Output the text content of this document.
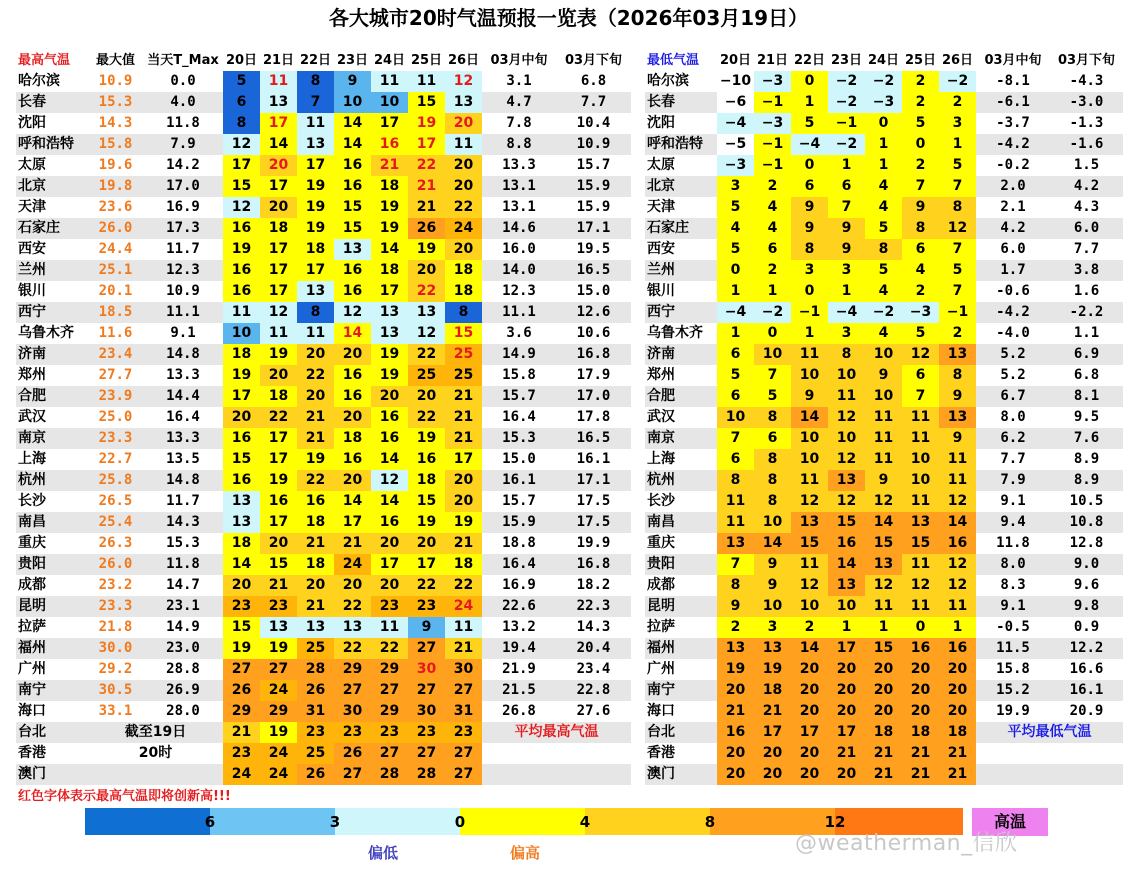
各大城市20时气温预报一览表（2026年03月19日）
最高气温	最大值	当天T_Max	20日	21日	22日	23日	24日	25日	26日	03月中旬	03月下旬
哈尔滨	10.9	0.0	5	11	8	9	11	11	12	3.1	6.8
长春	15.3	4.0	6	13	7	10	10	15	13	4.7	7.7
沈阳	14.3	11.8	8	17	11	14	17	19	20	7.8	10.4
呼和浩特	15.8	7.9	12	14	13	14	16	17	11	8.8	10.9
太原	19.6	14.2	17	20	17	16	21	22	20	13.3	15.7
北京	19.8	17.0	15	17	19	16	18	21	20	13.1	15.9
天津	23.6	16.9	12	20	19	15	19	21	22	13.1	15.9
石家庄	26.0	17.3	16	18	19	15	19	26	24	14.6	17.1
西安	24.4	11.7	19	17	18	13	14	19	20	16.0	19.5
兰州	25.1	12.3	16	17	17	16	18	20	18	14.0	16.5
银川	20.1	10.9	16	17	13	16	17	22	18	12.3	15.0
西宁	18.5	11.1	11	12	8	12	13	13	8	11.1	12.6
乌鲁木齐	11.6	9.1	10	11	11	14	13	12	15	3.6	10.6
济南	23.4	14.8	18	19	20	20	19	22	25	14.9	16.8
郑州	27.7	13.3	19	20	22	16	19	25	25	15.8	17.9
合肥	23.9	14.4	17	18	20	16	20	20	21	15.7	17.0
武汉	25.0	16.4	20	22	21	20	16	22	21	16.4	17.8
南京	23.3	13.3	16	17	21	18	16	19	21	15.3	16.5
上海	22.7	13.5	15	17	19	16	14	16	17	15.0	16.1
杭州	25.8	14.8	16	19	22	20	12	18	20	16.1	17.1
长沙	26.5	11.7	13	16	16	14	14	15	20	15.7	17.5
南昌	25.4	14.3	13	17	18	17	16	19	19	15.9	17.5
重庆	26.3	15.3	18	20	21	21	20	20	21	18.8	19.9
贵阳	26.0	11.8	14	15	18	24	17	17	18	16.4	16.8
成都	23.2	14.7	20	21	20	20	20	22	22	16.9	18.2
昆明	23.3	23.1	23	23	21	22	23	23	24	22.6	22.3
拉萨	21.8	14.9	15	13	13	13	11	9	11	13.2	14.3
福州	30.0	23.0	19	19	25	22	22	27	21	19.4	20.4
广州	29.2	28.8	27	27	28	29	29	30	30	21.9	23.4
南宁	30.5	26.9	26	24	26	27	27	27	27	21.5	22.8
海口	33.1	28.0	29	29	31	30	29	30	31	26.8	27.6
台北	截至19日		21	19	23	23	23	23	23	平均最高气温	
香港	20时		23	24	25	26	27	27	27		
澳门			24	24	26	27	28	28	27		
最低气温	20日	21日	22日	23日	24日	25日	26日	03月中旬	03月下旬
哈尔滨	−10	−3	0	−2	−2	2	−2	-8.1	-4.3
长春	−6	−1	1	−2	−3	2	2	-6.1	-3.0
沈阳	−4	−3	5	−1	0	5	3	-3.7	-1.3
呼和浩特	−5	−1	−4	−2	1	0	1	-4.2	-1.6
太原	−3	−1	0	1	1	2	5	-0.2	1.5
北京	3	2	6	6	4	7	7	2.0	4.2
天津	5	4	9	7	4	9	8	2.1	4.3
石家庄	4	4	9	9	5	8	12	4.2	6.0
西安	5	6	8	9	8	6	7	6.0	7.7
兰州	0	2	3	3	5	4	5	1.7	3.8
银川	1	1	0	1	4	2	7	-0.6	1.6
西宁	−4	−2	−1	−4	−2	−3	−1	-4.2	-2.2
乌鲁木齐	1	0	1	3	4	5	2	-4.0	1.1
济南	6	10	11	8	10	12	13	5.2	6.9
郑州	5	7	10	10	9	6	8	5.2	6.8
合肥	6	5	9	11	10	7	9	6.7	8.1
武汉	10	8	14	12	11	11	13	8.0	9.5
南京	7	6	10	10	11	11	9	6.2	7.6
上海	6	8	10	12	11	10	11	7.7	8.9
杭州	8	8	11	13	9	10	11	7.9	8.9
长沙	11	8	12	12	12	11	12	9.1	10.5
南昌	11	10	13	15	14	13	14	9.4	10.8
重庆	13	14	15	16	15	15	16	11.8	12.8
贵阳	7	9	11	14	13	11	12	8.0	9.0
成都	8	9	12	13	12	12	12	8.3	9.6
昆明	9	10	10	10	11	11	11	9.1	9.8
拉萨	2	3	2	1	1	0	1	-0.5	0.9
福州	13	13	14	17	15	16	16	11.5	12.2
广州	19	19	20	20	20	20	20	15.8	16.6
南宁	20	18	20	20	20	20	20	15.2	16.1
海口	21	21	20	20	20	20	20	19.9	20.9
台北	16	17	17	17	18	18	18	平均最低气温	
香港	20	20	20	21	21	21	21		
澳门	20	20	20	20	21	21	21		
红色字体表示最高气温即将创新高!!!
6	3	0	4	8	12
偏低	偏高
高温
@weatherman_信欣
